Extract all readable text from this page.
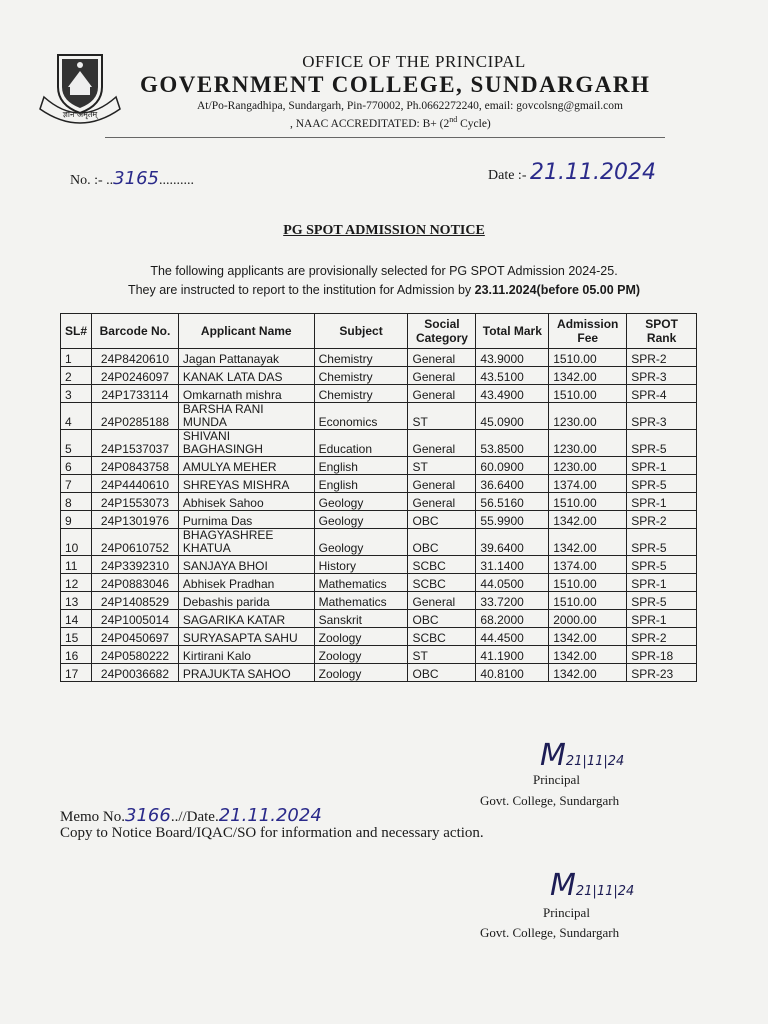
ज्ञान अमृतम्
OFFICE OF THE PRINCIPAL
GOVERNMENT COLLEGE, SUNDARGARH
At/Po-Rangadhipa, Sundargarh, Pin-770002, Ph.0662272240, email: govcolsng@gmail.com
, NAAC ACCREDITATED: B+ (2nd Cycle)
No. :- ..3165..........	Date :- 21.11.2024
PG SPOT ADMISSION NOTICE
The following applicants are provisionally selected for PG SPOT Admission 2024-25.
They are instructed to report to the institution for Admission by 23.11.2024(before 05.00 PM)
SL#	Barcode No.	Applicant Name	Subject	Social Category	Total Mark	Admission Fee	SPOT Rank
1	24P8420610	Jagan Pattanayak	Chemistry	General	43.9000	1510.00	SPR-2
2	24P0246097	KANAK LATA DAS	Chemistry	General	43.5100	1342.00	SPR-3
3	24P1733114	Omkarnath mishra	Chemistry	General	43.4900	1510.00	SPR-4
4	24P0285188	BARSHA RANI MUNDA	Economics	ST	45.0900	1230.00	SPR-3
5	24P1537037	SHIVANI BAGHASINGH	Education	General	53.8500	1230.00	SPR-5
6	24P0843758	AMULYA MEHER	English	ST	60.0900	1230.00	SPR-1
7	24P4440610	SHREYAS MISHRA	English	General	36.6400	1374.00	SPR-5
8	24P1553073	Abhisek Sahoo	Geology	General	56.5160	1510.00	SPR-1
9	24P1301976	Purnima Das	Geology	OBC	55.9900	1342.00	SPR-2
10	24P0610752	BHAGYASHREE KHATUA	Geology	OBC	39.6400	1342.00	SPR-5
11	24P3392310	SANJAYA BHOI	History	SCBC	31.1400	1374.00	SPR-5
12	24P0883046	Abhisek Pradhan	Mathematics	SCBC	44.0500	1510.00	SPR-1
13	24P1408529	Debashis parida	Mathematics	General	33.7200	1510.00	SPR-5
14	24P1005014	SAGARIKA KATAR	Sanskrit	OBC	68.2000	2000.00	SPR-1
15	24P0450697	SURYASAPTA SAHU	Zoology	SCBC	44.4500	1342.00	SPR-2
16	24P0580222	Kirtirani Kalo	Zoology	ST	41.1900	1342.00	SPR-18
17	24P0036682	PRAJUKTA SAHOO	Zoology	OBC	40.8100	1342.00	SPR-23
M21|11|24
Principal
Govt. College, Sundargarh
Memo No.3166..//Date.21.11.2024
Copy to Notice Board/IQAC/SO for information and necessary action.
M21|11|24
Principal
Govt. College, Sundargarh
